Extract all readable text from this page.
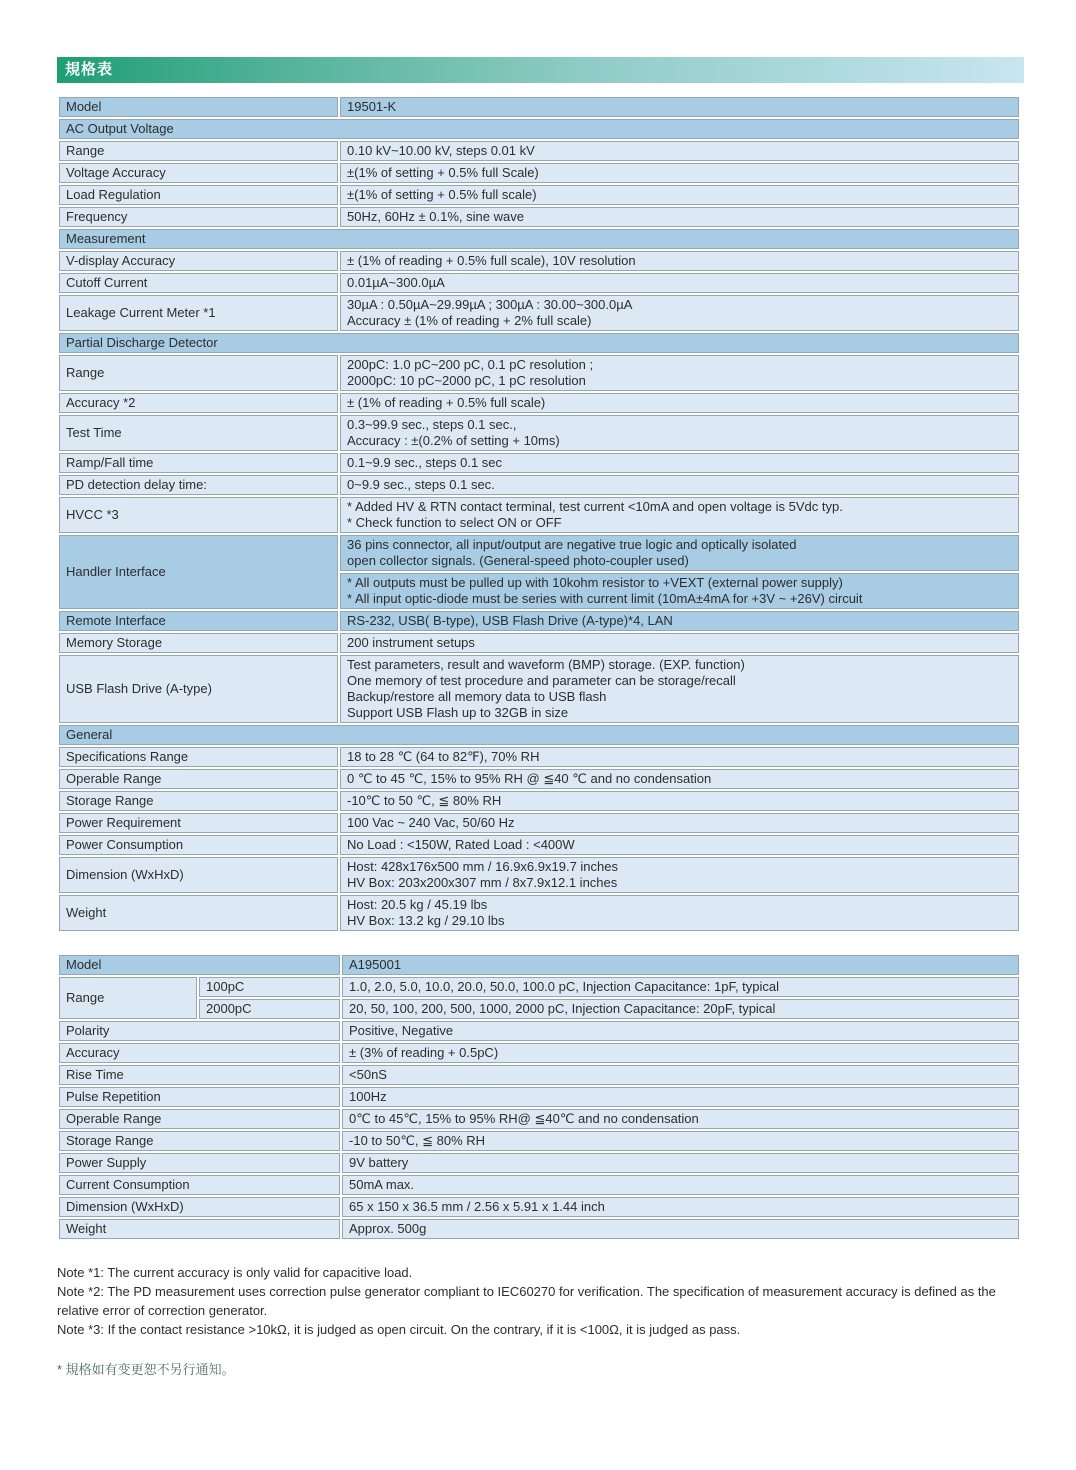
規格表
Model	19501-K

AC Output Voltage	
Range	0.10 kV~10.00 kV, steps 0.01 kV

Voltage Accuracy	±(1% of setting + 0.5% full Scale)

Load Regulation	±(1% of setting + 0.5% full scale)

Frequency	50Hz, 60Hz ± 0.1%, sine wave

Measurement	
V-display Accuracy	± (1% of reading + 0.5% full scale), 10V resolution

Cutoff Current	0.01µA~300.0µA

Leakage Current Meter *1	30µA : 0.50µA~29.99µA ; 300µA : 30.00~300.0µA
Accuracy ± (1% of reading + 2% full scale)

Partial Discharge Detector	
Range	200pC: 1.0 pC~200 pC, 0.1 pC resolution ;
2000pC: 10 pC~2000 pC, 1 pC resolution

Accuracy *2	± (1% of reading + 0.5% full scale)

Test Time	0.3~99.9 sec., steps 0.1 sec.,
Accuracy : ±(0.2% of setting + 10ms)

Ramp/Fall time	0.1~9.9 sec., steps 0.1 sec

PD detection delay time:	0~9.9 sec., steps 0.1 sec.

HVCC *3	* Added HV & RTN contact terminal, test current <10mA and open voltage is 5Vdc typ.
* Check function to select ON or OFF

Handler Interface	36 pins connector, all input/output are negative true logic and optically isolated
open collector signals. (General-speed photo-coupler used)

	* All outputs must be pulled up with 10kohm resistor to +VEXT (external power supply)
* All input optic-diode must be series with current limit (10mA±4mA for +3V ~ +26V) circuit

Remote Interface	RS-232, USB( B-type), USB Flash Drive (A-type)*4, LAN

Memory Storage	200 instrument setups

USB Flash Drive (A-type)	Test parameters, result and waveform (BMP) storage. (EXP. function)
One memory of test procedure and parameter can be storage/recall
Backup/restore all memory data to USB flash
Support USB Flash up to 32GB in size

General	
Specifications Range	18 to 28 ℃ (64 to 82℉), 70% RH

Operable Range	0 ℃ to 45 ℃, 15% to 95% RH @ ≦40 ℃ and no condensation

Storage Range	-10℃ to 50 ℃, ≦ 80% RH

Power Requirement	100 Vac ~ 240 Vac, 50/60 Hz

Power Consumption	No Load : <150W, Rated Load : <400W

Dimension (WxHxD)	Host: 428x176x500 mm / 16.9x6.9x19.7 inches
HV Box: 203x200x307 mm / 8x7.9x12.1 inches

Weight	Host: 20.5 kg / 45.19 lbs
HV Box: 13.2 kg / 29.10 lbs
Model		A195001

Range	100pC	1.0, 2.0, 5.0, 10.0, 20.0, 50.0, 100.0 pC, Injection Capacitance: 1pF, typical
	2000pC	20, 50, 100, 200, 500, 1000, 2000 pC, Injection Capacitance: 20pF, typical
Polarity		Positive, Negative

Accuracy		± (3% of reading + 0.5pC)

Rise Time		<50nS

Pulse Repetition		100Hz

Operable Range		0℃ to 45℃, 15% to 95% RH@ ≦40℃ and no condensation

Storage Range		-10 to 50℃, ≦ 80% RH

Power Supply		9V battery

Current Consumption		50mA max.

Dimension (WxHxD)		65 x 150 x 36.5 mm / 2.56 x 5.91 x 1.44 inch

Weight		Approx. 500g
Note *1: The current accuracy is only valid for capacitive load.
Note *2: The PD measurement uses correction pulse generator compliant to IEC60270 for verification. The specification of measurement accuracy is defined as the relative error of correction generator.
Note *3: If the contact resistance >10kΩ, it is judged as open circuit. On the contrary, if it is <100Ω, it is judged as pass.
* 規格如有变更恕不另行通知。
